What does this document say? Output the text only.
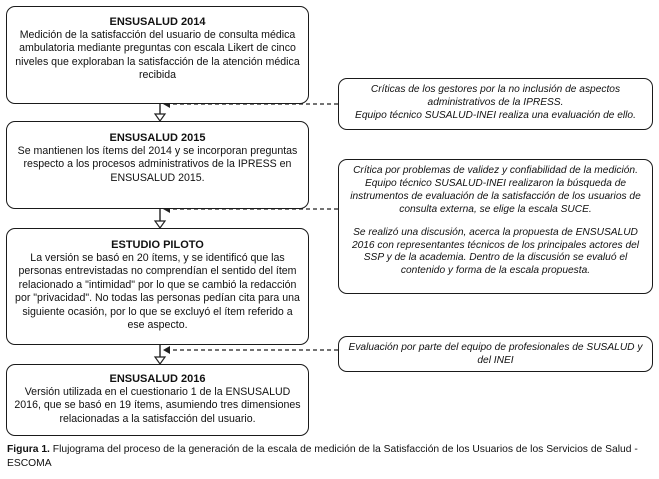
ENSUSALUD 2014
Medición de la satisfacción del usuario de consulta médica ambulatoria mediante preguntas con escala Likert de cinco niveles que exploraban la satisfacción de la atención médica recibida
ENSUSALUD 2015
Se mantienen los ítems del 2014 y se incorporan preguntas respecto a los procesos administrativos de la IPRESS en ENSUSALUD 2015.
ESTUDIO PILOTO
La versión se basó en 20 ítems, y se identificó que las personas entrevistadas no comprendían el sentido del ítem relacionado a "intimidad" por lo que se cambió la redacción por "privacidad". No todas las personas pedían cita para una siguiente ocasión, por lo que se excluyó el ítem referido a ese aspecto.
ENSUSALUD 2016
Versión utilizada en el cuestionario 1 de la ENSUSALUD 2016, que se basó en 19 ítems, asumiendo tres dimensiones relacionadas a la satisfacción del usuario.

Críticas de los gestores por la no inclusión de aspectos administrativos de la IPRESS.

Equipo técnico SUSALUD-INEI realiza una evaluación de ello.

Crítica por problemas de validez y confiabilidad de la medición. Equipo técnico SUSALUD-INEI realizaron la búsqueda de instrumentos de evaluación de la satisfacción de los usuarios de consulta externa, se elige la escala SUCE.

Se realizó una discusión, acerca la propuesta de ENSUSALUD 2016 con representantes técnicos de los principales actores del SSP y de la academia. Dentro de la discusión se evaluó el contenido y forma de la escala propuesta.

Evaluación por parte del equipo de profesionales de SUSALUD y del INEI

Figura 1. Flujograma del proceso de la generación de la escala de medición de la Satisfacción de los Usuarios de los Servicios de Salud - ESCOMA
